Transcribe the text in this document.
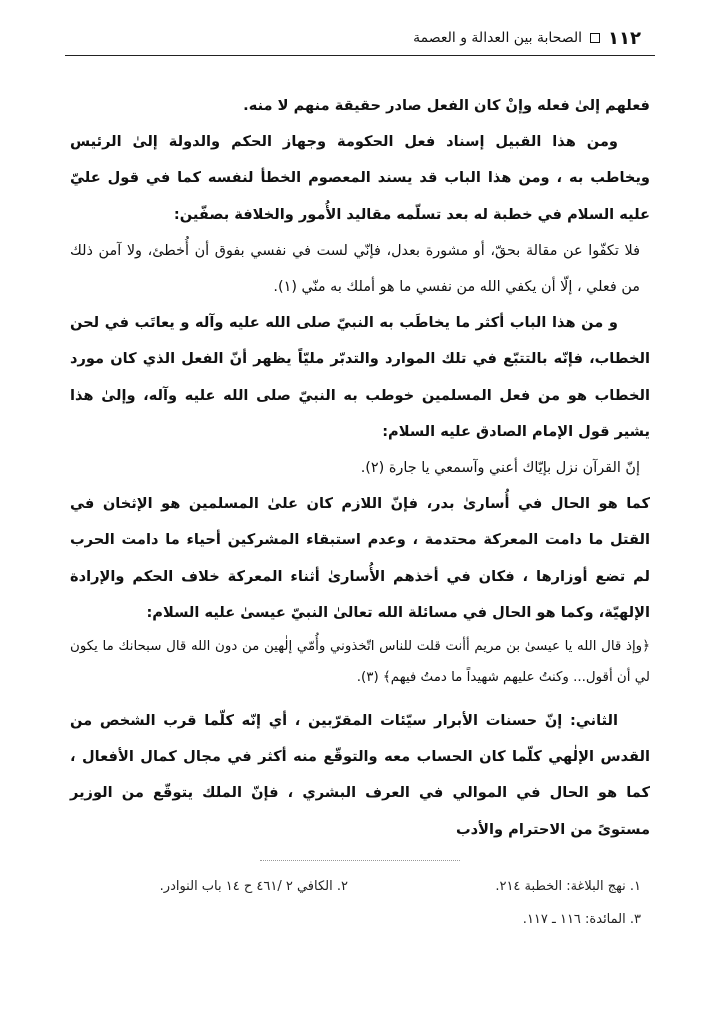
١١٢
الصحابة بين العدالة و العصمة

فعلهم إلىٰ فعله وإنْ كان الفعل صادر حقيقة منهم لا منه.

ومن هذا القبيل إسناد فعل الحكومة وجهاز الحكم والدولة إلىٰ الرئيس ويخاطب به ، ومن هذا الباب قد يسند المعصوم الخطأ لنفسه كما في قول عليّ عليه السلام في خطبة له بعد تسلّمه مقاليد الأُمور والخلافة بصفّين:

فلا تكفّوا عن مقالة بحقّ، أو مشورة بعدل، فإنّي لست في نفسي بفوق أن أُخطئ، ولا آمن ذلك من فعلي ، إلّا أن يكفي الله من نفسي ما هو أملك به منّي (١).

و من هذا الباب أكثر ما يخاطَب به النبيّ صلى الله عليه وآله و يعاتَب في لحن الخطاب، فإنّه بالتتبّع في تلك الموارد والتدبّر مليّاً يظهر أنّ الفعل الذي كان مورد الخطاب هو من فعل المسلمين خوطب به النبيّ صلى الله عليه وآله، وإلىٰ هذا يشير قول الإمام الصادق عليه السلام:

إنّ القرآن نزل بإيّاك أعني وآسمعي يا جارة (٢).

كما هو الحال في أُسارىٰ بدر، فإنّ اللازم كان علىٰ المسلمين هو الإثخان في القتل ما دامت المعركة محتدمة ، وعدم استبقاء المشركين أحياء ما دامت الحرب لم تضع أوزارها ، فكان في أخذهم الأُسارىٰ أثناء المعركة خلاف الحكم والإرادة الإلهيّة، وكما هو الحال في مسائلة الله تعالىٰ النبيّ عيسىٰ عليه السلام:

﴿وإذ قال الله يا عيسىٰ بن مريم أأنت قلت للناس اتّخذوني وأُمّي إلٰهين من دون الله قال سبحانك ما يكون لي أن أقول... وكنتُ عليهم شهيداً ما دمتُ فيهم﴾ (٣).

الثاني: إنّ حسنات الأبرار سيّئات المقرّبين ، أي إنّه كلّما قرب الشخص من القدس الإلٰهي كلّما كان الحساب معه والتوقّع منه أكثر في مجال كمال الأفعال ، كما هو الحال في الموالي في العرف البشري ، فإنّ الملك يتوقّع من الوزير مستوىً من الاحترام والأدب

١. نهج البلاغة: الخطبة ٢١٤.
٢. الكافي ٢ /٤٦١ ح ١٤ باب النوادر.
٣. المائدة: ١١٦ ـ ١١٧.
